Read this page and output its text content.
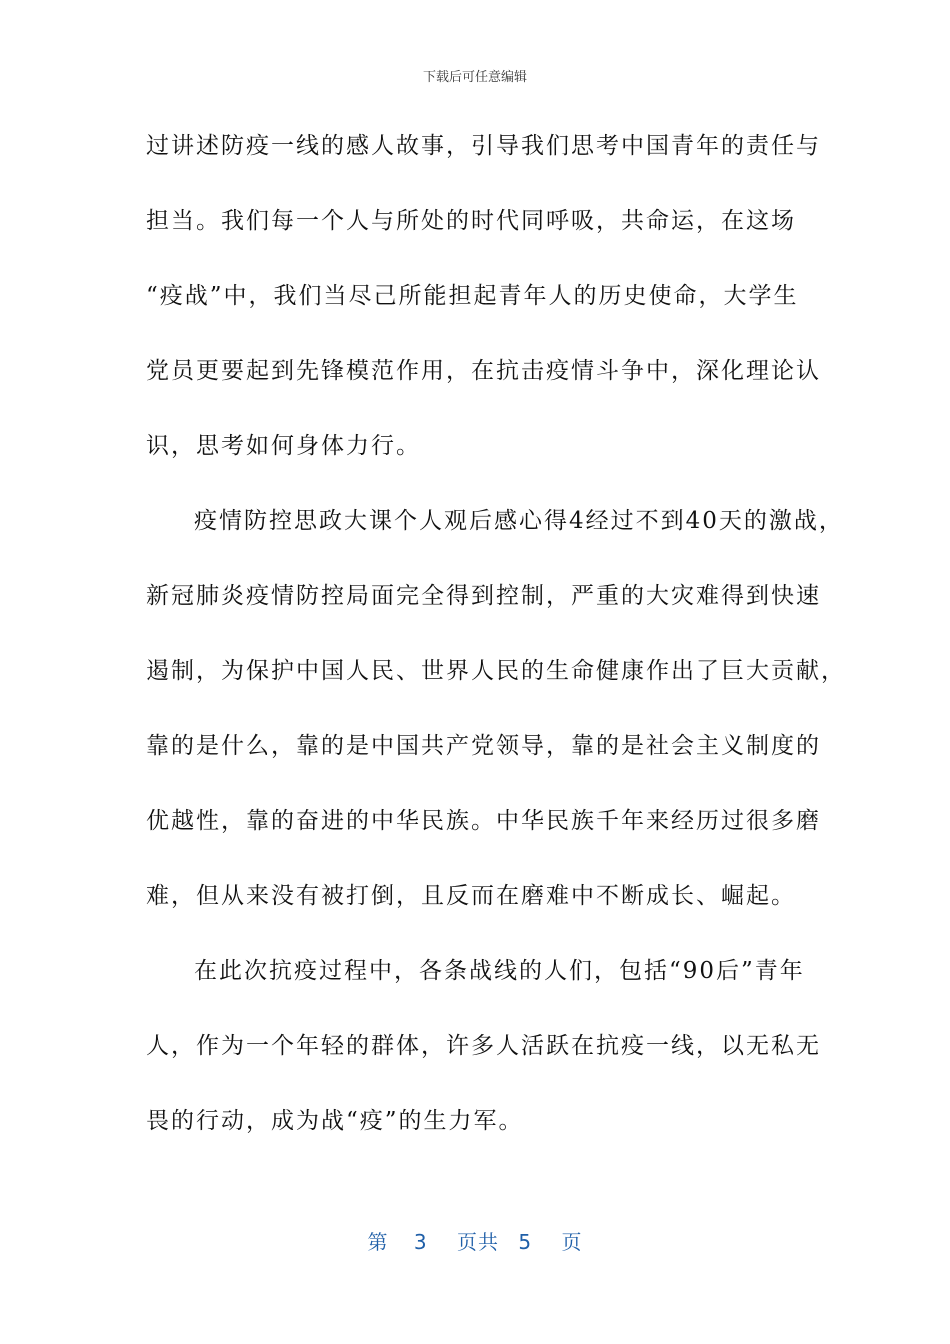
下载后可任意编辑
过讲述防疫一线的感人故事，引导我们思考中国青年的责任与
担当。我们每一个人与所处的时代同呼吸，共命运，在这场
“疫战”中，我们当尽己所能担起青年人的历史使命，大学生
党员更要起到先锋模范作用，在抗击疫情斗争中，深化理论认
识，思考如何身体力行。
疫情防控思政大课个人观后感心得4经过不到40天的激战，
新冠肺炎疫情防控局面完全得到控制，严重的大灾难得到快速
遏制，为保护中国人民、世界人民的生命健康作出了巨大贡献，
靠的是什么，靠的是中国共产党领导，靠的是社会主义制度的
优越性，靠的奋进的中华民族。中华民族千年来经历过很多磨
难，但从来没有被打倒，且反而在磨难中不断成长、崛起。
在此次抗疫过程中，各条战线的人们，包括“90后”青年
人，作为一个年轻的群体，许多人活跃在抗疫一线，以无私无
畏的行动，成为战“疫”的生力军。
第 3 页共 5 页
